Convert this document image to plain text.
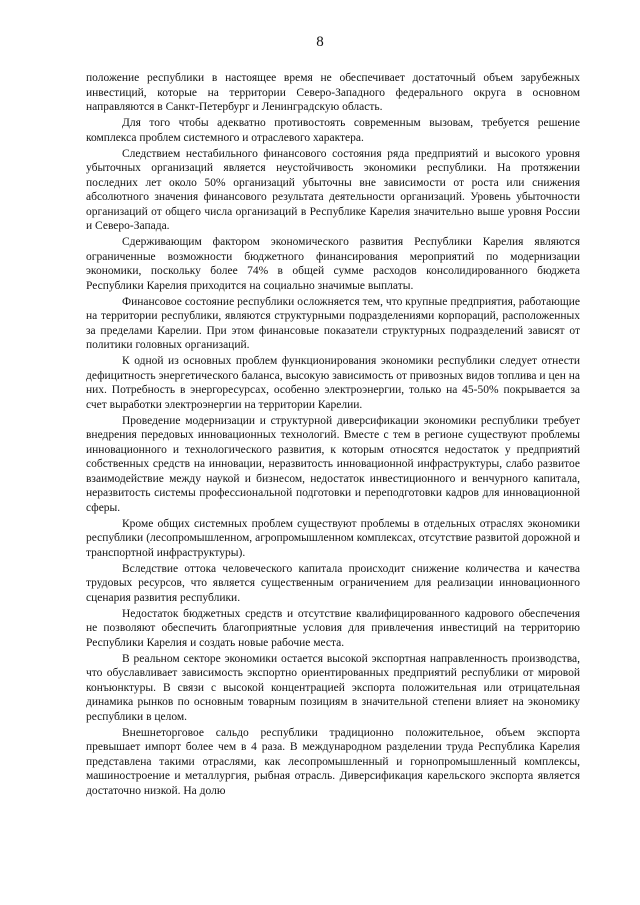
8

положение республики в настоящее время не обеспечивает достаточный объем зарубежных инвестиций, которые на территории Северо-Западного федерального округа в основном направляются в Санкт-Петербург и Ленинградскую область.

Для того чтобы адекватно противостоять современным вызовам, требуется решение комплекса проблем системного и отраслевого характера.

Следствием нестабильного финансового состояния ряда предприятий и высокого уровня убыточных организаций является неустойчивость экономики республики. На протяжении последних лет около 50% организаций убыточны вне зависимости от роста или снижения абсолютного значения финансового результата деятельности организаций. Уровень убыточности организаций от общего числа организаций в Республике Карелия значительно выше уровня России и Северо-Запада.

Сдерживающим фактором экономического развития Республики Карелия являются ограниченные возможности бюджетного финансирования мероприятий по модернизации экономики, поскольку более 74% в общей сумме расходов консолидированного бюджета Республики Карелия приходится на социально значимые выплаты.

Финансовое состояние республики осложняется тем, что крупные предприятия, работающие на территории республики, являются структурными подразделениями корпораций, расположенных за пределами Карелии. При этом финансовые показатели структурных подразделений зависят от политики головных организаций.

К одной из основных проблем функционирования экономики республики следует отнести дефицитность энергетического баланса, высокую зависимость от привозных видов топлива и цен на них. Потребность в энергоресурсах, особенно электроэнергии, только на 45-50% покрывается за счет выработки электроэнергии на территории Карелии.

Проведение модернизации и структурной диверсификации экономики республики требует внедрения передовых инновационных технологий. Вместе с тем в регионе существуют проблемы инновационного и технологического развития, к которым относятся недостаток у предприятий собственных средств на инновации, неразвитость инновационной инфраструктуры, слабо развитое взаимодействие между наукой и бизнесом, недостаток инвестиционного и венчурного капитала, неразвитость системы профессиональной подготовки и переподготовки кадров для инновационной сферы.

Кроме общих системных проблем существуют проблемы в отдельных отраслях экономики республики (лесопромышленном, агропромышленном комплексах, отсутствие развитой дорожной и транспортной инфраструктуры).

Вследствие оттока человеческого капитала происходит снижение количества и качества трудовых ресурсов, что является существенным ограничением для реализации инновационного сценария развития республики.

Недостаток бюджетных средств и отсутствие квалифицированного кадрового обеспечения не позволяют обеспечить благоприятные условия для привлечения инвестиций на территорию Республики Карелия и создать новые рабочие места.

В реальном секторе экономики остается высокой экспортная направленность производства, что обуславливает зависимость экспортно ориентированных предприятий республики от мировой конъюнктуры. В связи с высокой концентрацией экспорта положительная или отрицательная динамика рынков по основным товарным позициям в значительной степени влияет на экономику республики в целом.

Внешнеторговое сальдо республики традиционно положительное, объем экспорта превышает импорт более чем в 4 раза. В международном разделении труда Республика Карелия представлена такими отраслями, как лесопромышленный и горнопромышленный комплексы, машиностроение и металлургия, рыбная отрасль. Диверсификация карельского экспорта является достаточно низкой. На долю
